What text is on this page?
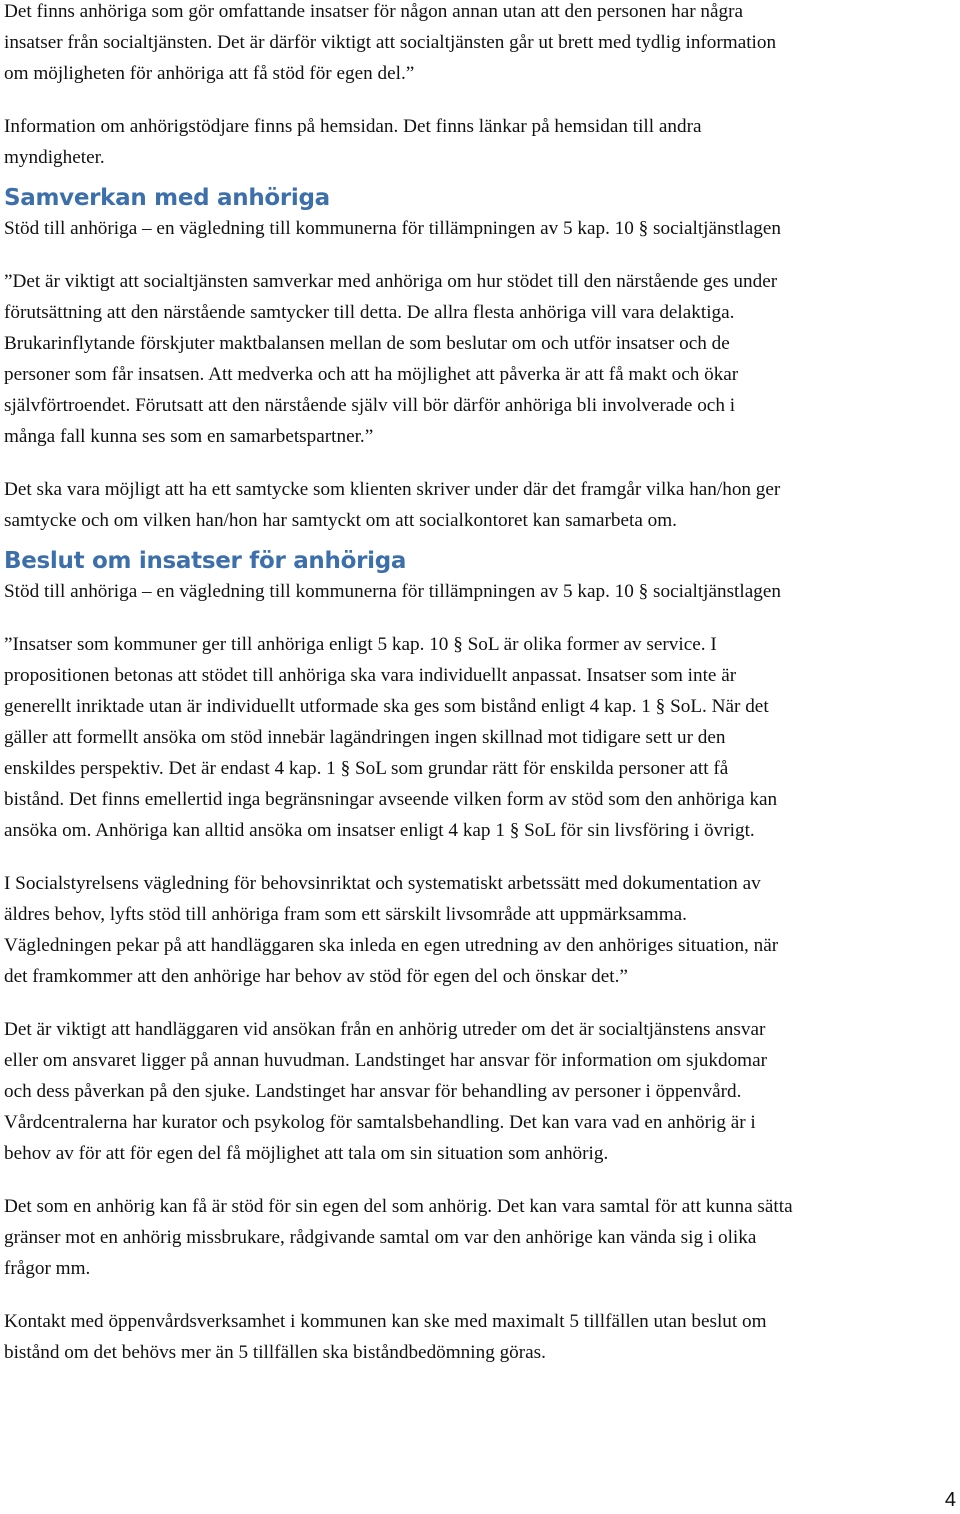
Det finns anhöriga som gör omfattande insatser för någon annan utan att den personen har några
insatser från socialtjänsten. Det är därför viktigt att socialtjänsten går ut brett med tydlig information
om möjligheten för anhöriga att få stöd för egen del.”
Information om anhörigstödjare finns på hemsidan. Det finns länkar på hemsidan till andra
myndigheter.
Samverkan med anhöriga
Stöd till anhöriga – en vägledning till kommunerna för tillämpningen av 5 kap. 10 § socialtjänstlagen
”Det är viktigt att socialtjänsten samverkar med anhöriga om hur stödet till den närstående ges under
förutsättning att den närstående samtycker till detta. De allra flesta anhöriga vill vara delaktiga.
Brukarinflytande förskjuter maktbalansen mellan de som beslutar om och utför insatser och de
personer som får insatsen. Att medverka och att ha möjlighet att påverka är att få makt och ökar
självförtroendet. Förutsatt att den närstående själv vill bör därför anhöriga bli involverade och i
många fall kunna ses som en samarbetspartner.”
Det ska vara möjligt att ha ett samtycke som klienten skriver under där det framgår vilka han/hon ger
samtycke och om vilken han/hon har samtyckt om att socialkontoret kan samarbeta om.
Beslut om insatser för anhöriga
Stöd till anhöriga – en vägledning till kommunerna för tillämpningen av 5 kap. 10 § socialtjänstlagen
”Insatser som kommuner ger till anhöriga enligt 5 kap. 10 § SoL är olika former av service. I
propositionen betonas att stödet till anhöriga ska vara individuellt anpassat. Insatser som inte är
generellt inriktade utan är individuellt utformade ska ges som bistånd enligt 4 kap. 1 § SoL. När det
gäller att formellt ansöka om stöd innebär lagändringen ingen skillnad mot tidigare sett ur den
enskildes perspektiv. Det är endast 4 kap. 1 § SoL som grundar rätt för enskilda personer att få
bistånd. Det finns emellertid inga begränsningar avseende vilken form av stöd som den anhöriga kan
ansöka om. Anhöriga kan alltid ansöka om insatser enligt 4 kap 1 § SoL för sin livsföring i övrigt.
I Socialstyrelsens vägledning för behovsinriktat och systematiskt arbetssätt med dokumentation av
äldres behov, lyfts stöd till anhöriga fram som ett särskilt livsområde att uppmärksamma.
Vägledningen pekar på att handläggaren ska inleda en egen utredning av den anhöriges situation, när
det framkommer att den anhörige har behov av stöd för egen del och önskar det.”
Det är viktigt att handläggaren vid ansökan från en anhörig utreder om det är socialtjänstens ansvar
eller om ansvaret ligger på annan huvudman. Landstinget har ansvar för information om sjukdomar
och dess påverkan på den sjuke. Landstinget har ansvar för behandling av personer i öppenvård.
Vårdcentralerna har kurator och psykolog för samtalsbehandling. Det kan vara vad en anhörig är i
behov av för att för egen del få möjlighet att tala om sin situation som anhörig.
Det som en anhörig kan få är stöd för sin egen del som anhörig. Det kan vara samtal för att kunna sätta
gränser mot en anhörig missbrukare, rådgivande samtal om var den anhörige kan vända sig i olika
frågor mm.
Kontakt med öppenvårdsverksamhet i kommunen kan ske med maximalt 5 tillfällen utan beslut om
bistånd om det behövs mer än 5 tillfällen ska biståndbedömning göras.
4
